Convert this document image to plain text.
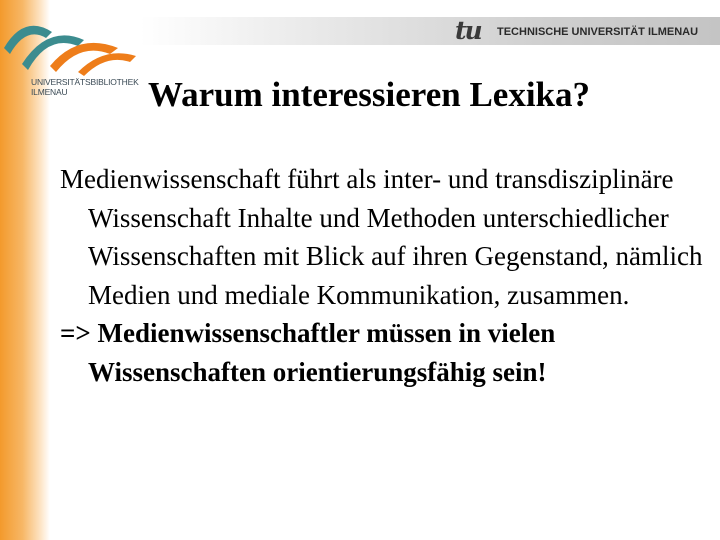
UNIVERSITÄTSBIBLIOTHEK
ILMENAU
tu TECHNISCHE UNIVERSITÄT ILMENAU
Warum interessieren Lexika?

Medienwissenschaft führt als inter- und transdisziplinäre Wissenschaft Inhalte und Methoden unterschiedlicher Wissenschaften mit Blick auf ihren Gegenstand, nämlich Medien und mediale Kommunikation, zusammen.

=> Medienwissenschaftler müssen in vielen Wissenschaften orientierungsfähig sein!
